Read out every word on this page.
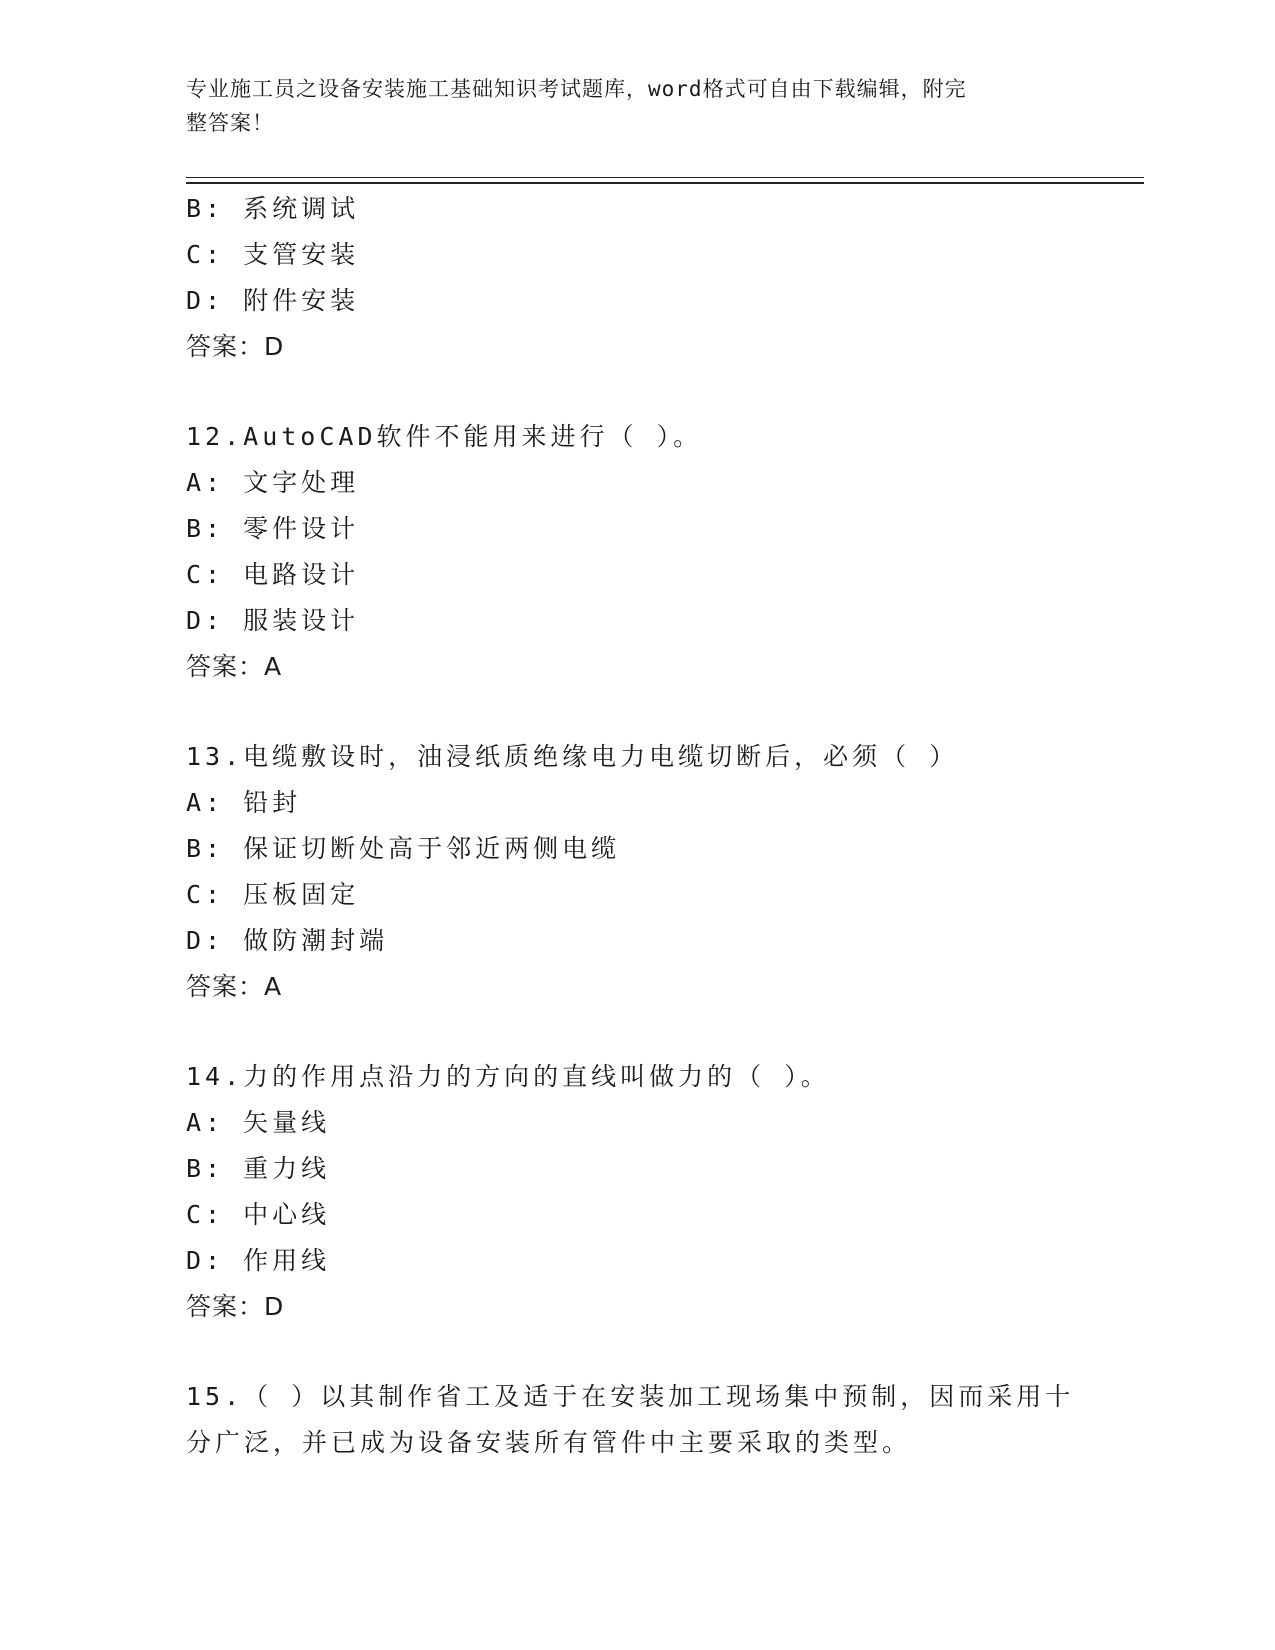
专业施工员之设备安装施工基础知识考试题库，word格式可自由下载编辑，附完
整答案！
B: 系统调试
C: 支管安装
D: 附件安装
答案：D
12.AutoCAD软件不能用来进行（ ）。
A: 文字处理
B: 零件设计
C: 电路设计
D: 服装设计
答案：A
13.电缆敷设时，油浸纸质绝缘电力电缆切断后，必须（ ）
A: 铅封
B: 保证切断处高于邻近两侧电缆
C: 压板固定
D: 做防潮封端
答案：A
14.力的作用点沿力的方向的直线叫做力的（ ）。
A: 矢量线
B: 重力线
C: 中心线
D: 作用线
答案：D
15.（ ）以其制作省工及适于在安装加工现场集中预制，因而采用十
分广泛，并已成为设备安装所有管件中主要采取的类型。
